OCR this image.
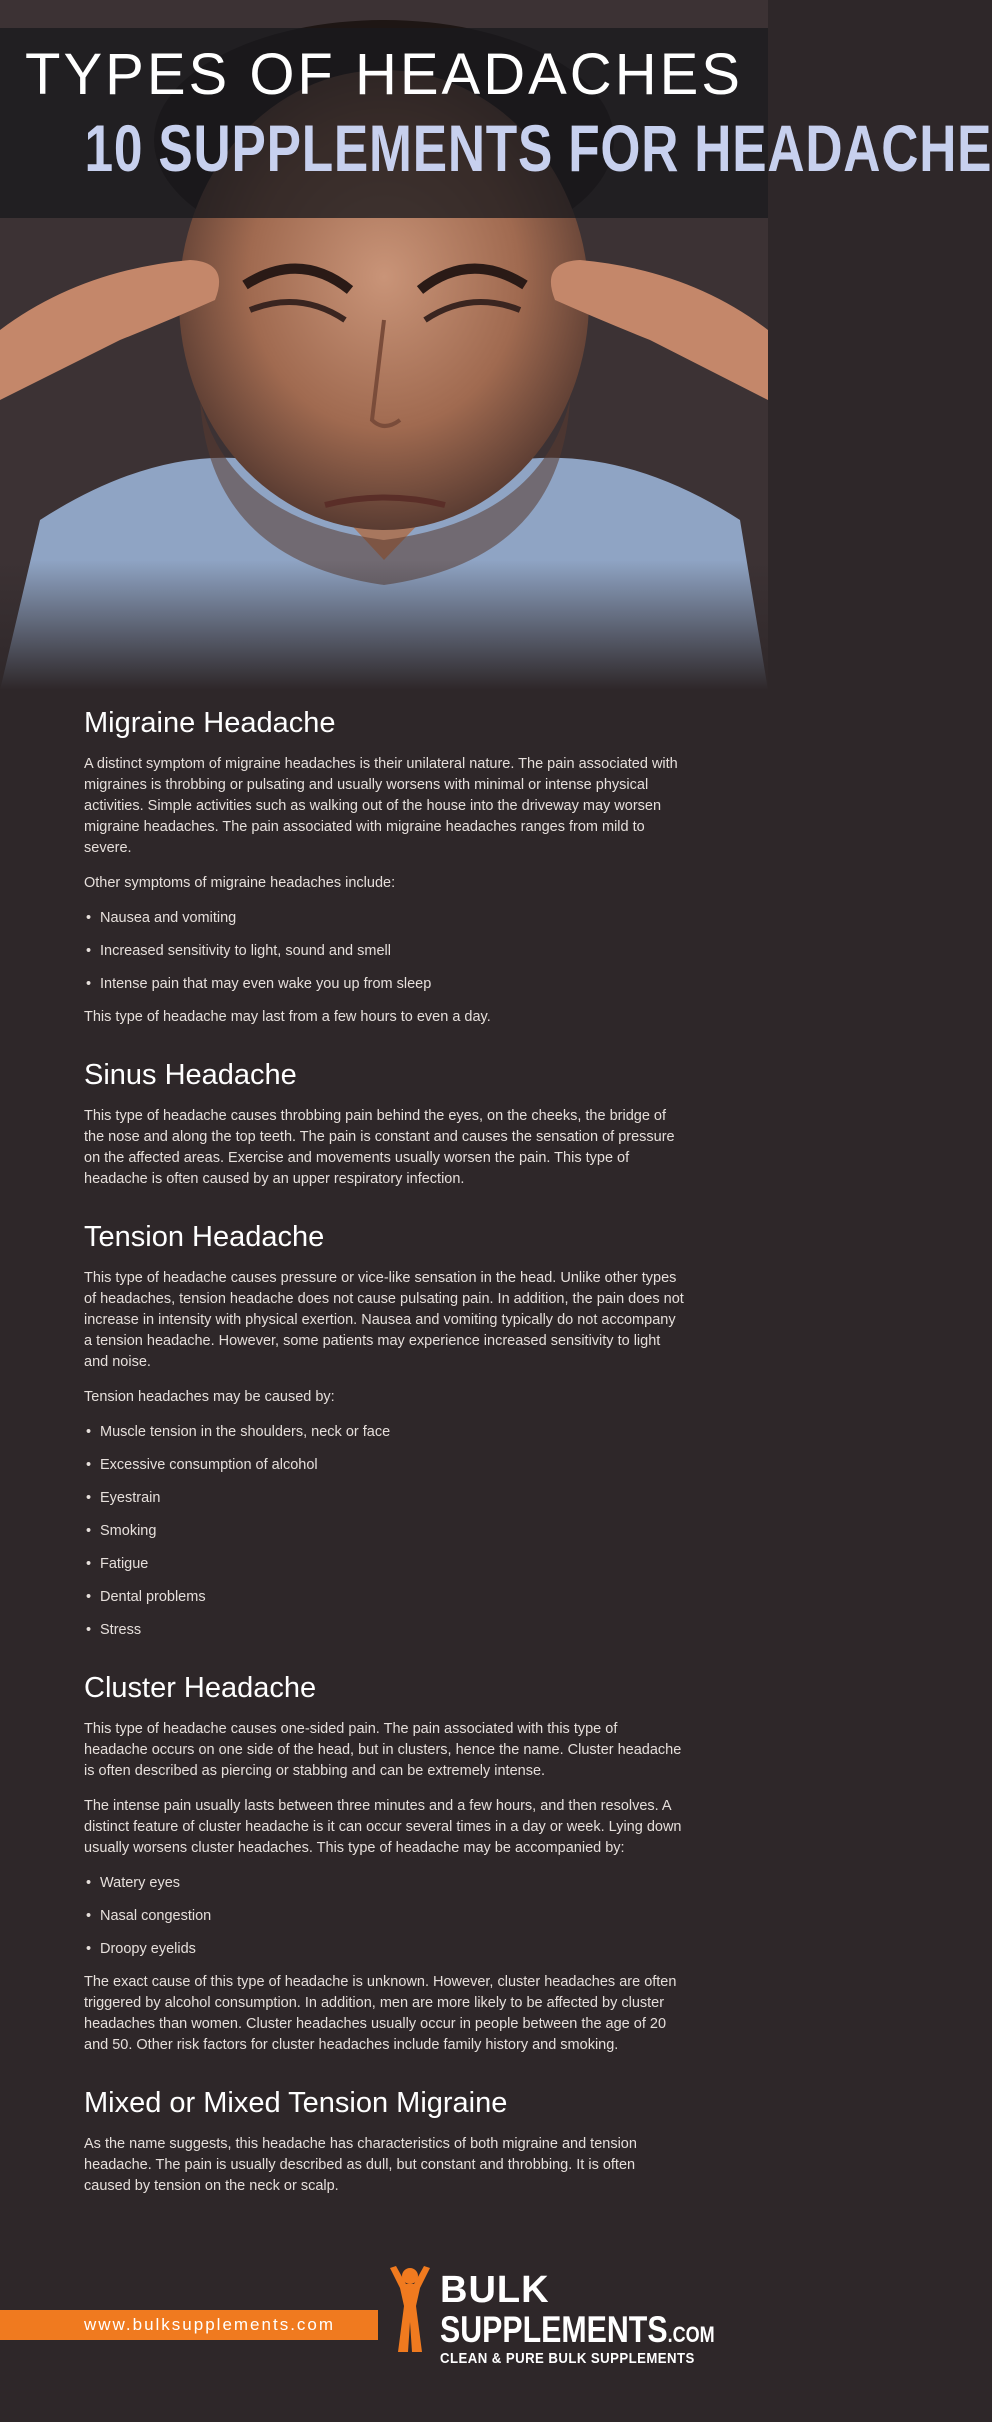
TYPES OF HEADACHES
10 SUPPLEMENTS FOR HEADACHE
Migraine Headache

A distinct symptom of migraine headaches is their unilateral nature. The pain associated with migraines is throbbing or pulsating and usually worsens with minimal or intense physical activities. Simple activities such as walking out of the house into the driveway may worsen migraine headaches. The pain associated with migraine headaches ranges from mild to severe.

Other symptoms of migraine headaches include:

• Nausea and vomiting
• Increased sensitivity to light, sound and smell
• Intense pain that may even wake you up from sleep

This type of headache may last from a few hours to even a day.

Sinus Headache

This type of headache causes throbbing pain behind the eyes, on the cheeks, the bridge of the nose and along the top teeth. The pain is constant and causes the sensation of pressure on the affected areas. Exercise and movements usually worsen the pain. This type of headache is often caused by an upper respiratory infection.

Tension Headache

This type of headache causes pressure or vice-like sensation in the head. Unlike other types of headaches, tension headache does not cause pulsating pain. In addition, the pain does not increase in intensity with physical exertion. Nausea and vomiting typically do not accompany a tension headache. However, some patients may experience increased sensitivity to light and noise.

Tension headaches may be caused by:

• Muscle tension in the shoulders, neck or face
• Excessive consumption of alcohol
• Eyestrain
• Smoking
• Fatigue
• Dental problems
• Stress
Cluster Headache

This type of headache causes one-sided pain. The pain associated with this type of headache occurs on one side of the head, but in clusters, hence the name. Cluster headache is often described as piercing or stabbing and can be extremely intense.

The intense pain usually lasts between three minutes and a few hours, and then resolves. A distinct feature of cluster headache is it can occur several times in a day or week. Lying down usually worsens cluster headaches. This type of headache may be accompanied by:

• Watery eyes
• Nasal congestion
• Droopy eyelids

The exact cause of this type of headache is unknown. However, cluster headaches are often triggered by alcohol consumption. In addition, men are more likely to be affected by cluster headaches than women. Cluster headaches usually occur in people between the age of 20 and 50. Other risk factors for cluster headaches include family history and smoking.

Mixed or Mixed Tension Migraine

As the name suggests, this headache has characteristics of both migraine and tension headache. The pain is usually described as dull, but constant and throbbing. It is often caused by tension on the neck or scalp.

www.bulksupplements.com
BULK
SUPPLEMENTS.COM
CLEAN & PURE BULK SUPPLEMENTS
